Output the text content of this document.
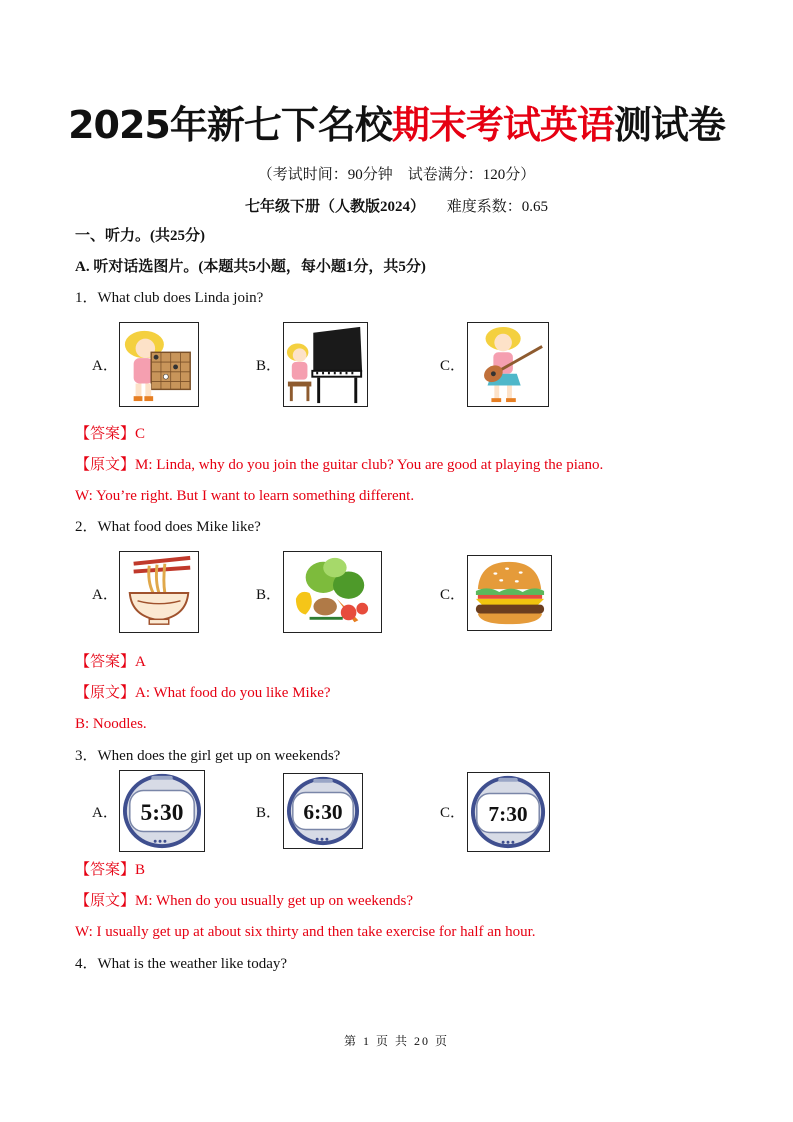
2025年新七下名校期末考试英语测试卷
（考试时间：90分钟　试卷满分：120分）
七年级下册（人教版2024） 难度系数：0.65
一、听力。(共25分)
A. 听对话选图片。(本题共5小题，每小题1分，共5分)
1．What club does Linda join?
A．	B．	C．
【答案】C
【原文】M: Linda, why do you join the guitar club? You are good at playing the piano.
W: You’re right. But I want to learn something different.
2．What food does Mike like?
A．	B．	C．
【答案】A
【原文】A: What food do you like Mike?
B: Noodles.
3．When does the girl get up on weekends?
A． 5:30	B． 6:30	C． 7:30
【答案】B
【原文】M: When do you usually get up on weekends?
W: I usually get up at about six thirty and then take exercise for half an hour.
4．What is the weather like today?
第 1 页 共 20 页
